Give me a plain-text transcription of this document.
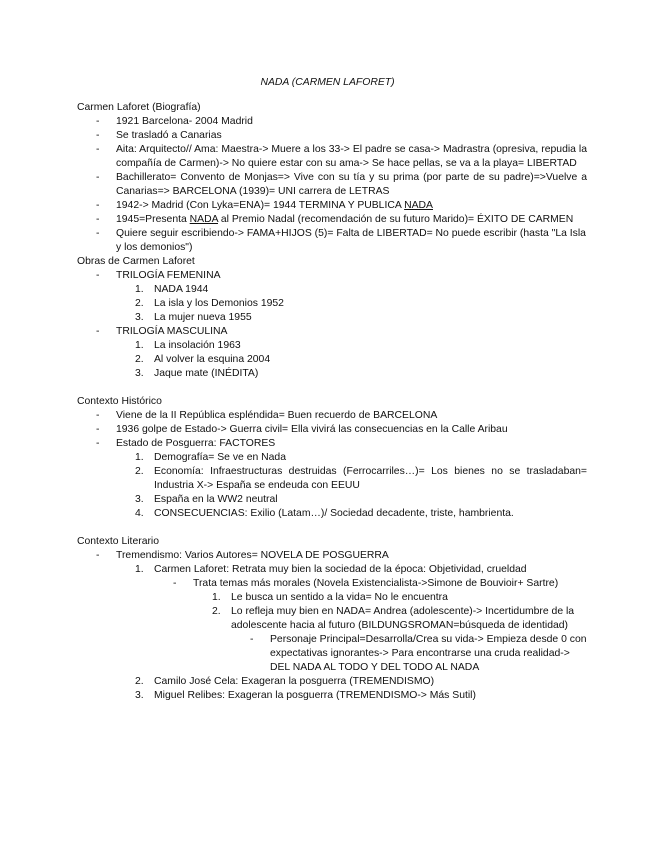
NADA (CARMEN LAFORET)
Carmen Laforet (Biografía)
- 1921 Barcelona- 2004 Madrid
- Se trasladó a Canarias
- Aita: Arquitecto// Ama: Maestra-> Muere a los 33-> El padre se casa-> Madrastra (opresiva, repudia la compañía de Carmen)-> No quiere estar con su ama-> Se hace pellas, se va a la playa= LIBERTAD
- Bachillerato= Convento de Monjas=> Vive con su tía y su prima (por parte de su padre)=>Vuelve a Canarias=> BARCELONA (1939)= UNI carrera de LETRAS
- 1942-> Madrid (Con Lyka=ENA)= 1944 TERMINA Y PUBLICA NADA
- 1945=Presenta NADA al Premio Nadal (recomendación de su futuro Marido)= ÉXITO DE CARMEN
- Quiere seguir escribiendo-> FAMA+HIJOS (5)= Falta de LIBERTAD= No puede escribir (hasta "La Isla y los demonios")
Obras de Carmen Laforet
- TRILOGÍA FEMENINA
1. NADA 1944
2. La isla y los Demonios 1952
3. La mujer nueva 1955
- TRILOGÍA MASCULINA
1. La insolación 1963
2. Al volver la esquina 2004
3. Jaque mate (INÉDITA)
Contexto Histórico
- Viene de la II República espléndida= Buen recuerdo de BARCELONA
- 1936 golpe de Estado-> Guerra civil= Ella vivirá las consecuencias en la Calle Aribau
- Estado de Posguerra: FACTORES
1. Demografía= Se ve en Nada
2. Economía: Infraestructuras destruidas (Ferrocarriles…)= Los bienes no se trasladaban= Industria X-> España se endeuda con EEUU
3. España en la WW2 neutral
4. CONSECUENCIAS: Exilio (Latam…)/ Sociedad decadente, triste, hambrienta.
Contexto Literario
- Tremendismo: Varios Autores= NOVELA DE POSGUERRA
1. Carmen Laforet: Retrata muy bien la sociedad de la época: Objetividad, crueldad
- Trata temas más morales (Novela Existencialista->Simone de Bouvioir+ Sartre)
1. Le busca un sentido a la vida= No le encuentra
2. Lo refleja muy bien en NADA= Andrea (adolescente)-> Incertidumbre de la adolescente hacia al futuro (BILDUNGSROMAN=búsqueda de identidad)
- Personaje Principal=Desarrolla/Crea su vida-> Empieza desde 0 con expectativas ignorantes-> Para encontrarse una cruda realidad-> DEL NADA AL TODO Y DEL TODO AL NADA
2. Camilo José Cela: Exageran la posguerra (TREMENDISMO)
3. Miguel Relibes: Exageran la posguerra (TREMENDISMO-> Más Sutil)
